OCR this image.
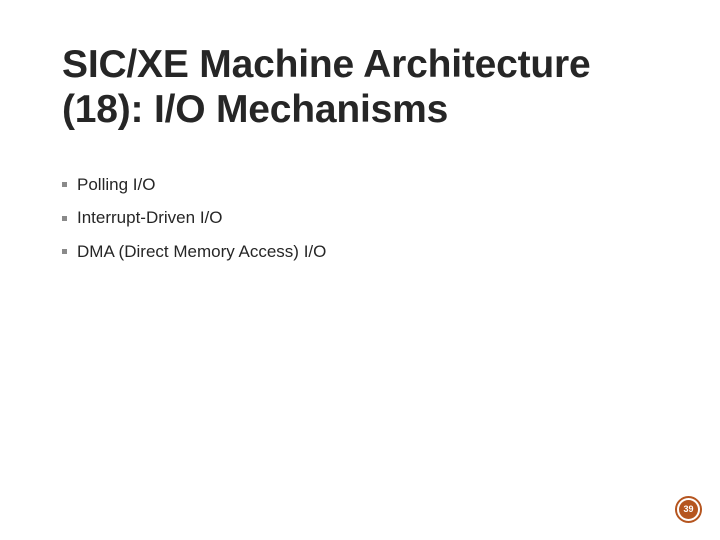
SIC/XE Machine Architecture
(18): I/O Mechanisms
Polling I/O
Interrupt-Driven I/O
DMA (Direct Memory Access) I/O
39
